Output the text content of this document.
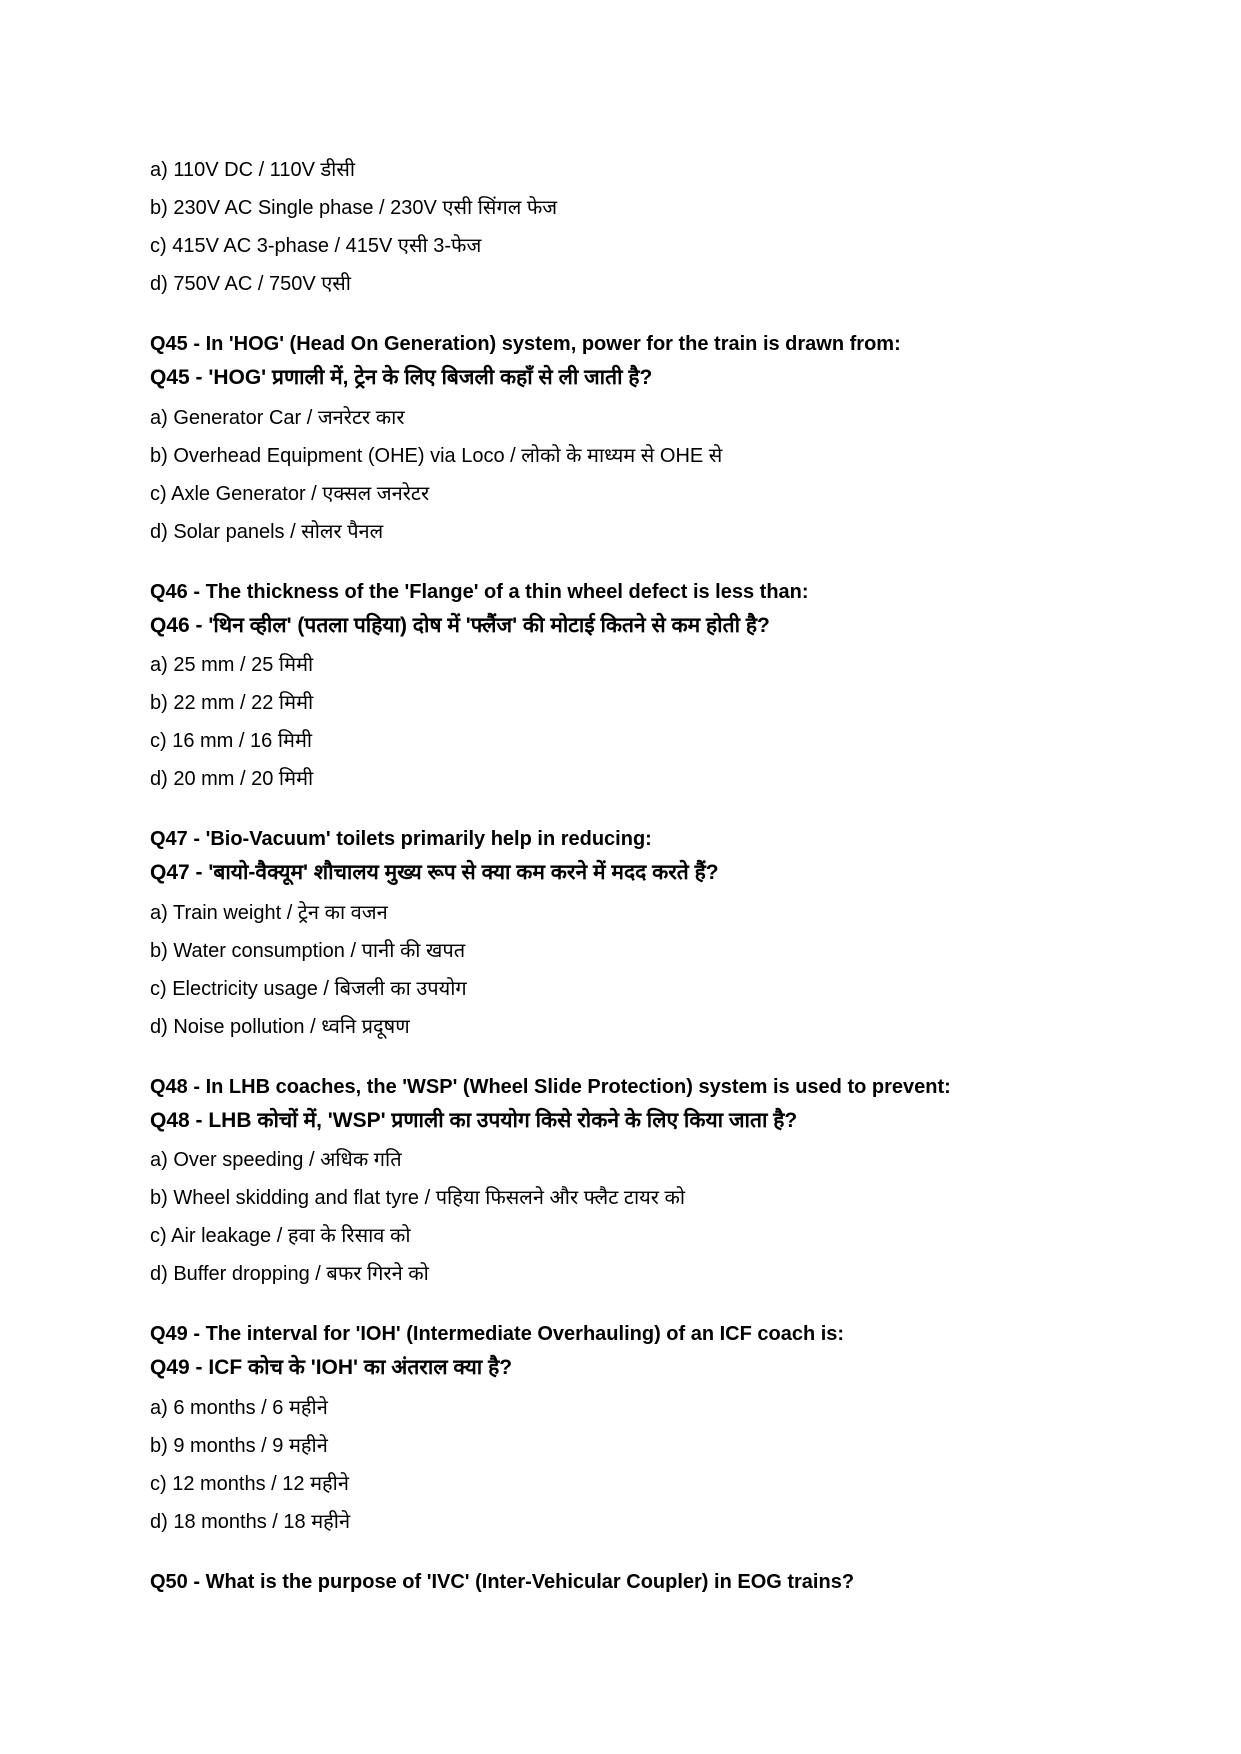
a) 110V DC / 110V डीसी
b) 230V AC Single phase / 230V एसी सिंगल फेज
c) 415V AC 3-phase / 415V एसी 3-फेज
d) 750V AC / 750V एसी
Q45 - In 'HOG' (Head On Generation) system, power for the train is drawn from:
Q45 - 'HOG' प्रणाली में, ट्रेन के लिए बिजली कहाँ से ली जाती है?
a) Generator Car / जनरेटर कार
b) Overhead Equipment (OHE) via Loco / लोको के माध्यम से OHE से
c) Axle Generator / एक्सल जनरेटर
d) Solar panels / सोलर पैनल
Q46 - The thickness of the 'Flange' of a thin wheel defect is less than:
Q46 - 'थिन व्हील' (पतला पहिया) दोष में 'फ्लैंज' की मोटाई कितने से कम होती है?
a) 25 mm / 25 मिमी
b) 22 mm / 22 मिमी
c) 16 mm / 16 मिमी
d) 20 mm / 20 मिमी
Q47 - 'Bio-Vacuum' toilets primarily help in reducing:
Q47 - 'बायो-वैक्यूम' शौचालय मुख्य रूप से क्या कम करने में मदद करते हैं?
a) Train weight / ट्रेन का वजन
b) Water consumption / पानी की खपत
c) Electricity usage / बिजली का उपयोग
d) Noise pollution / ध्वनि प्रदूषण
Q48 - In LHB coaches, the 'WSP' (Wheel Slide Protection) system is used to prevent:
Q48 - LHB कोचों में, 'WSP' प्रणाली का उपयोग किसे रोकने के लिए किया जाता है?
a) Over speeding / अधिक गति
b) Wheel skidding and flat tyre / पहिया फिसलने और फ्लैट टायर को
c) Air leakage / हवा के रिसाव को
d) Buffer dropping / बफर गिरने को
Q49 - The interval for 'IOH' (Intermediate Overhauling) of an ICF coach is:
Q49 - ICF कोच के 'IOH' का अंतराल क्या है?
a) 6 months / 6 महीने
b) 9 months / 9 महीने
c) 12 months / 12 महीने
d) 18 months / 18 महीने
Q50 - What is the purpose of 'IVC' (Inter-Vehicular Coupler) in EOG trains?
